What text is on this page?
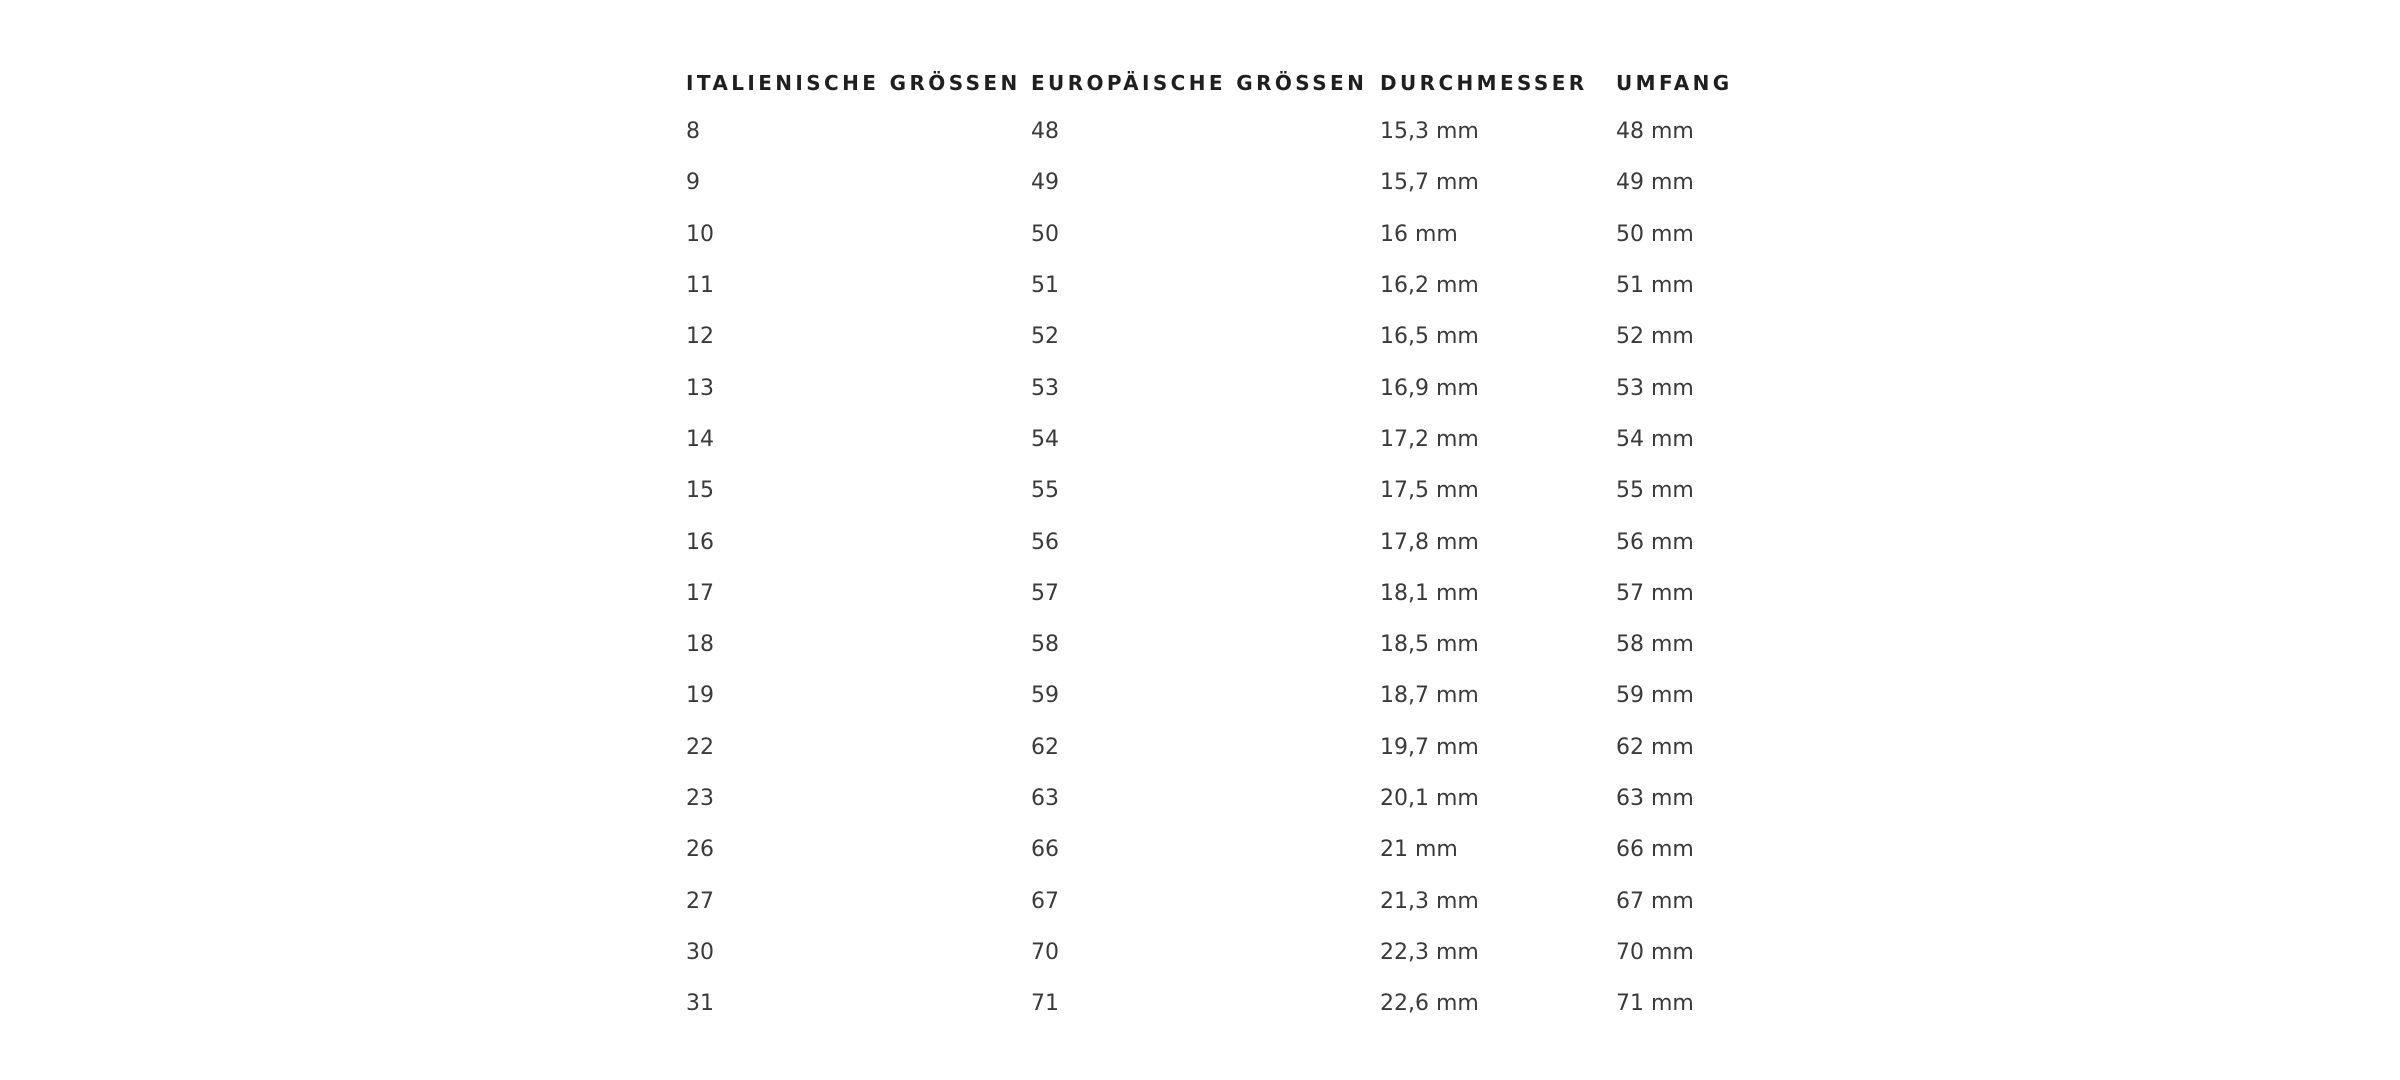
ITALIENISCHE GRÖSSEN	EUROPÄISCHE GRÖSSEN	DURCHMESSER	UMFANG
8	48	15,3 mm	48 mm
9	49	15,7 mm	49 mm
10	50	16 mm	50 mm
11	51	16,2 mm	51 mm
12	52	16,5 mm	52 mm
13	53	16,9 mm	53 mm
14	54	17,2 mm	54 mm
15	55	17,5 mm	55 mm
16	56	17,8 mm	56 mm
17	57	18,1 mm	57 mm
18	58	18,5 mm	58 mm
19	59	18,7 mm	59 mm
22	62	19,7 mm	62 mm
23	63	20,1 mm	63 mm
26	66	21 mm	66 mm
27	67	21,3 mm	67 mm
30	70	22,3 mm	70 mm
31	71	22,6 mm	71 mm
